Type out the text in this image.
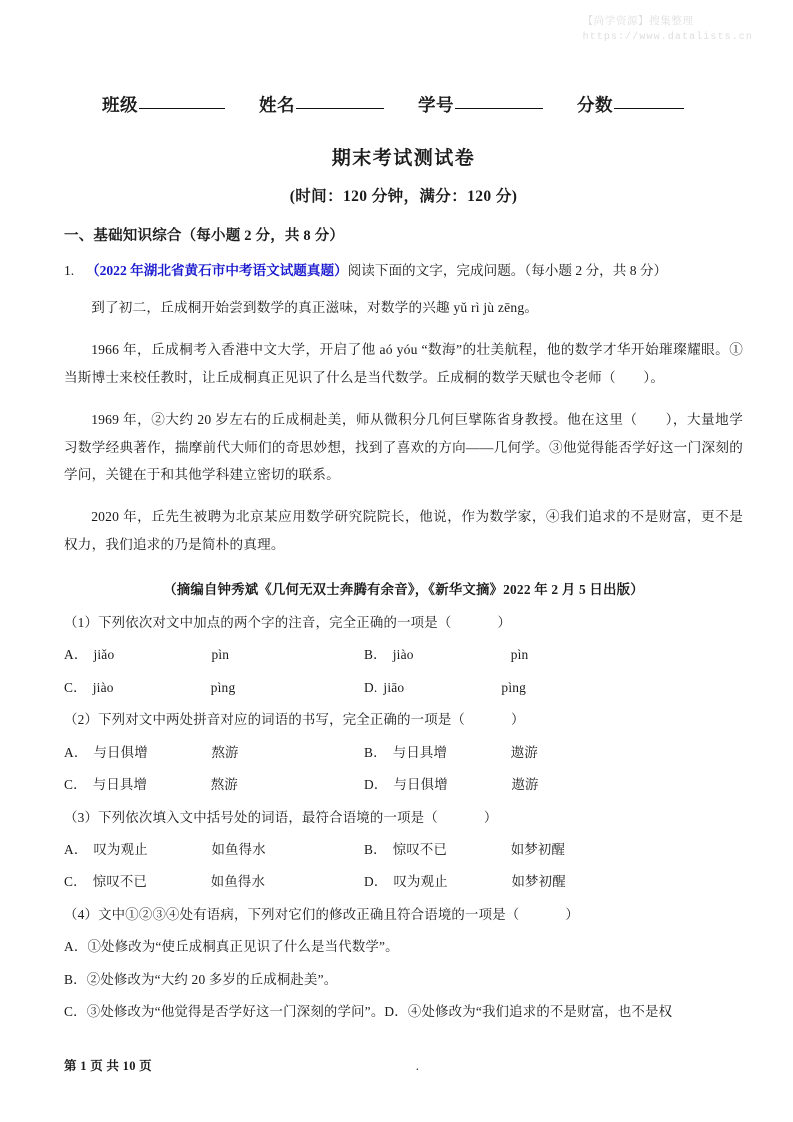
【尚学资源】搜集整理
https://www.datalists.cn
班级	姓名	学号	分数
期末考试测试卷
(时间：120 分钟，满分：120 分)
一、基础知识综合（每小题 2 分，共 8 分）
1. （2022 年湖北省黄石市中考语文试题真题）阅读下面的文字，完成问题。（每小题 2 分，共 8 分）

到了初二，丘成桐开始尝到数学的真正滋味，对数学的兴趣 yǔ rì jù zēng。

1966 年，丘成桐考入香港中文大学，开启了他 aó yóu “数海”的壮美航程，他的数学才华开始璀璨耀眼。①当斯博士来校任教时，让丘成桐真正见识了什么是当代数学。丘成桐的数学天赋也令老师（　　）。

1969 年，②大约 20 岁左右的丘成桐赴美，师从微积分几何巨擘陈省身教授。他在这里（　　），大量地学习数学经典著作，揣摩前代大师们的奇思妙想，找到了喜欢的方向——几何学。③他觉得能否学好这一门深刻的学问，关键在于和其他学科建立密切的联系。

2020 年，丘先生被聘为北京某应用数学研究院院长，他说，作为数学家，④我们追求的不是财富，更不是权力，我们追求的乃是简朴的真理。

（摘编自钟秀斌《几何无双士奔腾有余音》，《新华文摘》2022 年 2 月 5 日出版）
（1）下列依次对文中加点的两个字的注音，完全正确的一项是（	）
A． jiǎo	pìn	B． jiào	pìn
C． jiào	pìng	D. jiāo	pìng
（2）下列对文中两处拼音对应的词语的书写，完全正确的一项是（	）
A． 与日俱增	熬游	B． 与日具增	遨游
C． 与日具增	熬游	D． 与日俱增	遨游
（3）下列依次填入文中括号处的词语，最符合语境的一项是（	）
A． 叹为观止	如鱼得水	B． 惊叹不已	如梦初醒
C． 惊叹不已	如鱼得水	D． 叹为观止	如梦初醒
（4）文中①②③④处有语病，下列对它们的修改正确且符合语境的一项是（	）
A．①处修改为“使丘成桐真正见识了什么是当代数学”。
B．②处修改为“大约 20 多岁的丘成桐赴美”。
C．③处修改为“他觉得是否学好这一门深刻的学问”。D．④处修改为“我们追求的不是财富，也不是权
第 1 页 共 10 页	.
